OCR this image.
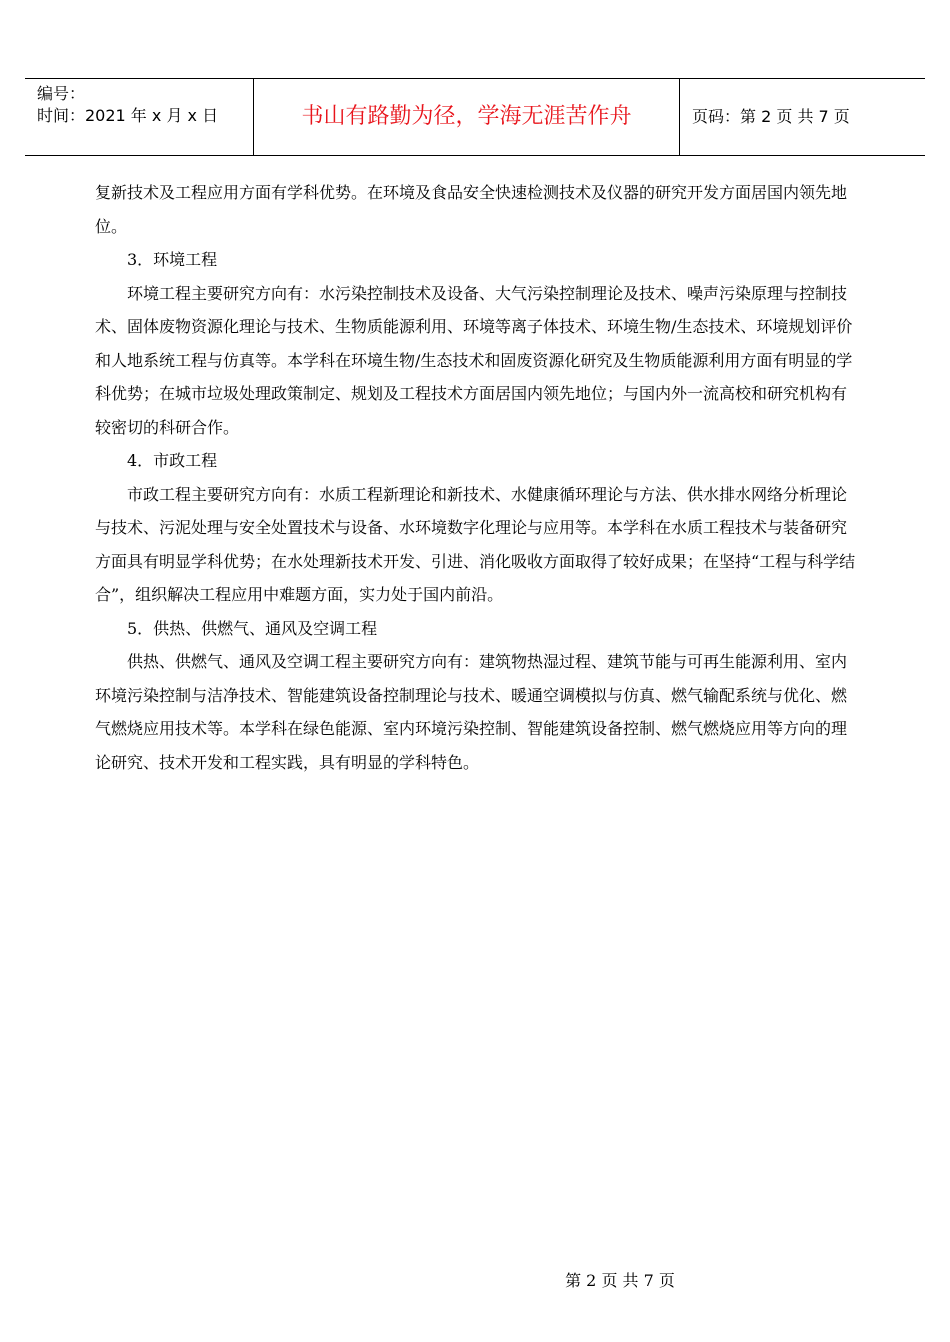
编号：
时间：2021 年 x 月 x 日	书山有路勤为径，学海无涯苦作舟	页码：第 2 页 共 7 页

复新技术及工程应用方面有学科优势。在环境及食品安全快速检测技术及仪器的研究开发方面居国内领先地位。

3．环境工程

环境工程主要研究方向有：水污染控制技术及设备、大气污染控制理论及技术、噪声污染原理与控制技术、固体废物资源化理论与技术、生物质能源利用、环境等离子体技术、环境生物/生态技术、环境规划评价和人地系统工程与仿真等。本学科在环境生物/生态技术和固废资源化研究及生物质能源利用方面有明显的学科优势；在城市垃圾处理政策制定、规划及工程技术方面居国内领先地位；与国内外一流高校和研究机构有较密切的科研合作。

4．市政工程

市政工程主要研究方向有：水质工程新理论和新技术、水健康循环理论与方法、供水排水网络分析理论与技术、污泥处理与安全处置技术与设备、水环境数字化理论与应用等。本学科在水质工程技术与装备研究方面具有明显学科优势；在水处理新技术开发、引进、消化吸收方面取得了较好成果；在坚持“工程与科学结合”，组织解决工程应用中难题方面，实力处于国内前沿。

5．供热、供燃气、通风及空调工程

供热、供燃气、通风及空调工程主要研究方向有：建筑物热湿过程、建筑节能与可再生能源利用、室内环境污染控制与洁净技术、智能建筑设备控制理论与技术、暖通空调模拟与仿真、燃气输配系统与优化、燃气燃烧应用技术等。本学科在绿色能源、室内环境污染控制、智能建筑设备控制、燃气燃烧应用等方向的理论研究、技术开发和工程实践，具有明显的学科特色。

第 2 页 共 7 页
